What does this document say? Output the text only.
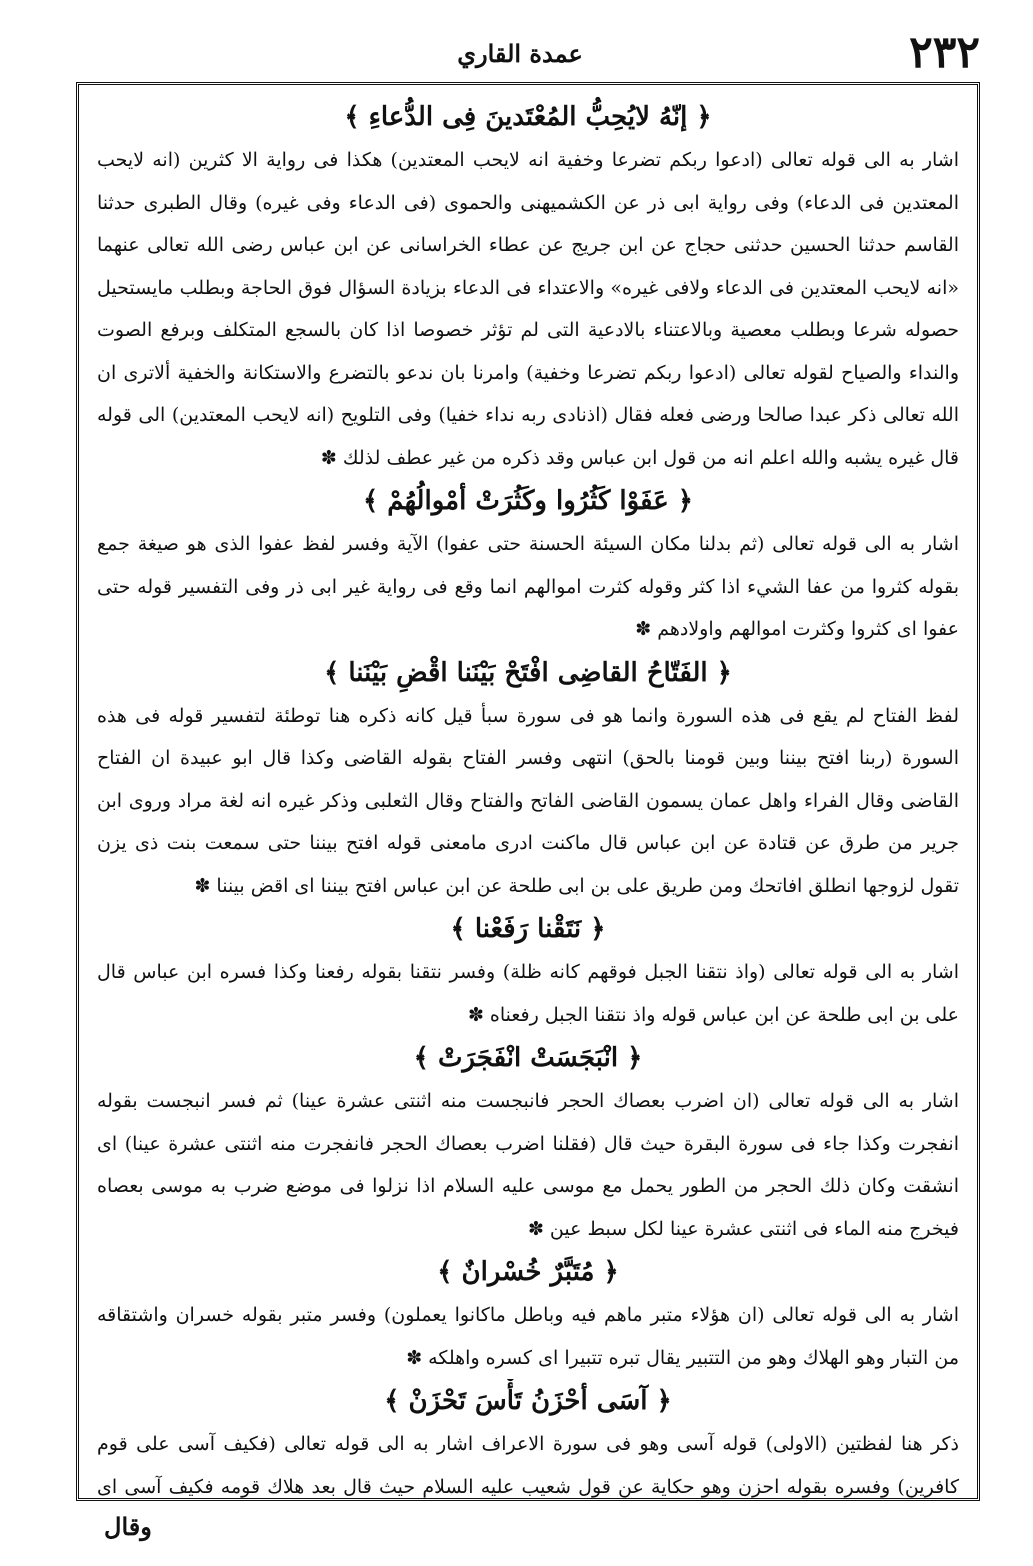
٢٣٢
عمدة القاري
﴿ إنّهُ لايُحِبُّ المُعْتَدينَ فِى الدُّعاءِ ﴾

اشار به الى قوله تعالى (ادعوا ربكم تضرعا وخفية انه لايحب المعتدين) هكذا فى رواية الا كثرين (انه لايحب المعتدين فى الدعاء) وفى رواية ابى ذر عن الكشميهنى والحموى (فى الدعاء وفى غيره) وقال الطبرى حدثنا القاسم حدثنا الحسين حدثنى حجاج عن ابن جريج عن عطاء الخراسانى عن ابن عباس رضى الله تعالى عنهما «انه لايحب المعتدين فى الدعاء ولافى غيره» والاعتداء فى الدعاء بزيادة السؤال فوق الحاجة وبطلب مايستحيل حصوله شرعا وبطلب معصية وبالاعتناء بالادعية التى لم تؤثر خصوصا اذا كان بالسجع المتكلف وبرفع الصوت والنداء والصياح لقوله تعالى (ادعوا ربكم تضرعا وخفية) وامرنا بان ندعو بالتضرع والاستكانة والخفية ألاترى ان الله تعالى ذكر عبدا صالحا ورضى فعله فقال (اذنادى ربه نداء خفيا) وفى التلويح (انه لايحب المعتدين) الى قوله قال غيره يشبه والله اعلم انه من قول ابن عباس وقد ذكره من غير عطف لذلك ✽

﴿ عَفَوْا كَثُرُوا وكَثُرَتْ أمْوالُهُمْ ﴾

اشار به الى قوله تعالى (ثم بدلنا مكان السيئة الحسنة حتى عفوا) الآية وفسر لفظ عفوا الذى هو صيغة جمع بقوله كثروا من عفا الشيء اذا كثر وقوله كثرت اموالهم انما وقع فى رواية غير ابى ذر وفى التفسير قوله حتى عفوا اى كثروا وكثرت اموالهم واولادهم ✽

﴿ الفَتّاحُ القاضِى افْتَحْ بَيْنَنا اقْضِ بَيْنَنا ﴾

لفظ الفتاح لم يقع فى هذه السورة وانما هو فى سورة سبأ قيل كانه ذكره هنا توطئة لتفسير قوله فى هذه السورة (ربنا افتح بيننا وبين قومنا بالحق) انتهى وفسر الفتاح بقوله القاضى وكذا قال ابو عبيدة ان الفتاح القاضى وقال الفراء واهل عمان يسمون القاضى الفاتح والفتاح وقال الثعلبى وذكر غيره انه لغة مراد وروى ابن جرير من طرق عن قتادة عن ابن عباس قال ماكنت ادرى مامعنى قوله افتح بيننا حتى سمعت بنت ذى يزن تقول لزوجها انطلق افاتحك ومن طريق على بن ابى طلحة عن ابن عباس افتح بيننا اى اقض بيننا ✽

﴿ نَتَقْنا رَفَعْنا ﴾

اشار به الى قوله تعالى (واذ نتقنا الجبل فوقهم كانه ظلة) وفسر نتقنا بقوله رفعنا وكذا فسره ابن عباس قال على بن ابى طلحة عن ابن عباس قوله واذ نتقنا الجبل رفعناه ✽

﴿ انْبَجَسَتْ انْفَجَرَتْ ﴾

اشار به الى قوله تعالى (ان اضرب بعصاك الحجر فانبجست منه اثنتى عشرة عينا) ثم فسر انبجست بقوله انفجرت وكذا جاء فى سورة البقرة حيث قال (فقلنا اضرب بعصاك الحجر فانفجرت منه اثنتى عشرة عينا) اى انشقت وكان ذلك الحجر من الطور يحمل مع موسى عليه السلام اذا نزلوا فى موضع ضرب به موسى بعصاه فيخرج منه الماء فى اثنتى عشرة عينا لكل سبط عين ✽

﴿ مُتَبَّرٌ خُسْرانٌ ﴾

اشار به الى قوله تعالى (ان هؤلاء متبر ماهم فيه وباطل ماكانوا يعملون) وفسر متبر بقوله خسران واشتقاقه من التبار وهو الهلاك وهو من التتبير يقال تبره تتبيرا اى كسره واهلكه ✽

﴿ آسَى أحْزَنُ تَأْسَ تَحْزَنْ ﴾

ذكر هنا لفظتين (الاولى) قوله آسى وهو فى سورة الاعراف اشار به الى قوله تعالى (فكيف آسى على قوم كافرين) وفسره بقوله احزن وهو حكاية عن قول شعيب عليه السلام حيث قال بعد هلاك قومه فكيف آسى اى

وقال
